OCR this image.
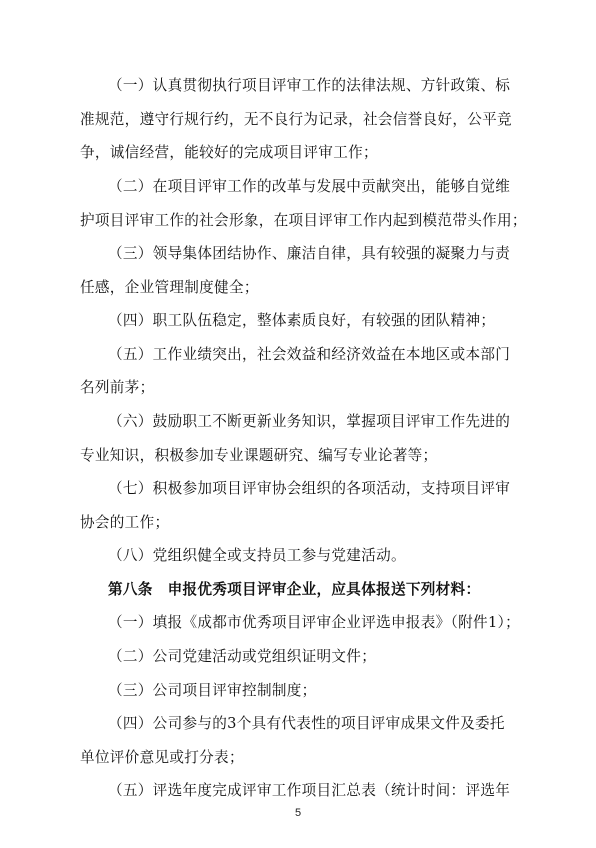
（一）认真贯彻执行项目评审工作的法律法规、方针政策、标
准规范，遵守行规行约，无不良行为记录，社会信誉良好，公平竞
争，诚信经营，能较好的完成项目评审工作；
（二）在项目评审工作的改革与发展中贡献突出，能够自觉维
护项目评审工作的社会形象，在项目评审工作内起到模范带头作用；
（三）领导集体团结协作、廉洁自律，具有较强的凝聚力与责
任感，企业管理制度健全；
（四）职工队伍稳定，整体素质良好，有较强的团队精神；
（五）工作业绩突出，社会效益和经济效益在本地区或本部门
名列前茅；
（六）鼓励职工不断更新业务知识，掌握项目评审工作先进的
专业知识，积极参加专业课题研究、编写专业论著等；
（七）积极参加项目评审协会组织的各项活动，支持项目评审
协会的工作；
（八）党组织健全或支持员工参与党建活动。
第八条　申报优秀项目评审企业，应具体报送下列材料：
（一）填报《成都市优秀项目评审企业评选申报表》（附件1）；
（二）公司党建活动或党组织证明文件；
（三）公司项目评审控制制度；
（四）公司参与的3个具有代表性的项目评审成果文件及委托
单位评价意见或打分表；
（五）评选年度完成评审工作项目汇总表（统计时间：评选年
5
